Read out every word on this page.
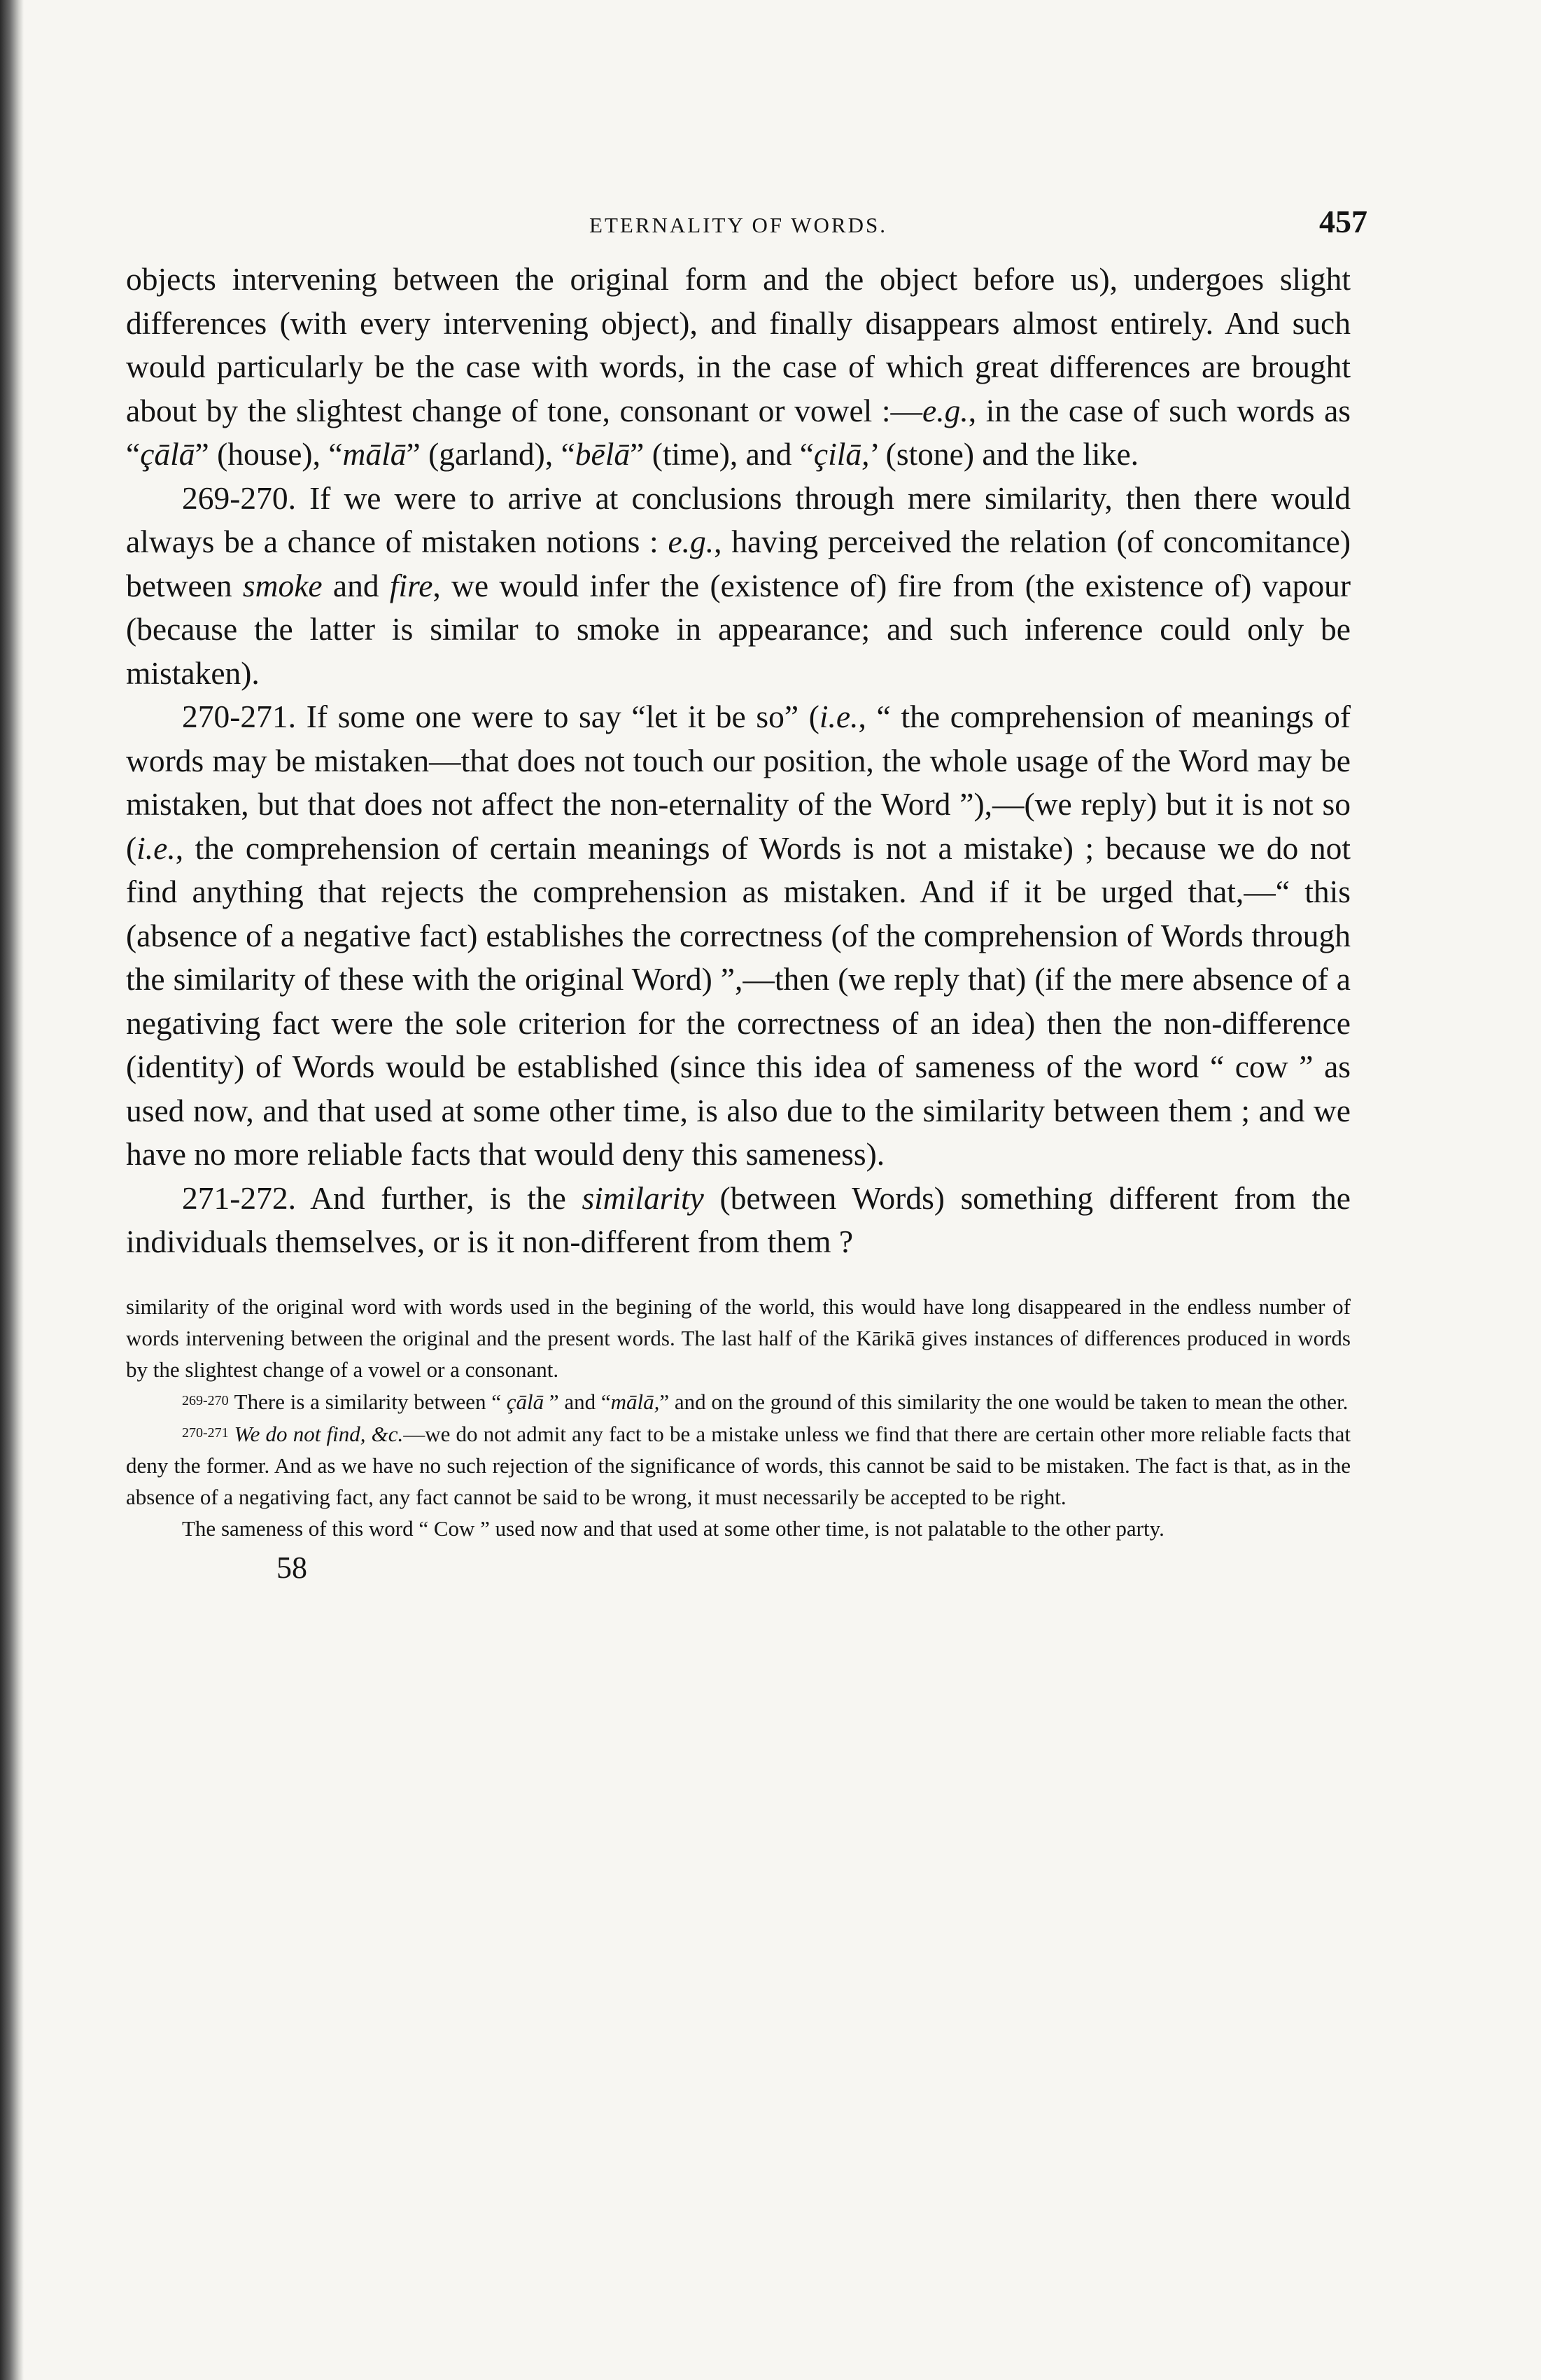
ETERNALITY OF WORDS.	457

objects intervening between the original form and the object before us), undergoes slight differences (with every intervening object), and finally disappears almost entirely. And such would particularly be the case with words, in the case of which great differences are brought about by the slightest change of tone, consonant or vowel :—e.g., in the case of such words as “çālā” (house), “mālā” (garland), “bēlā” (time), and “çilā,’ (stone) and the like.

269-270. If we were to arrive at conclusions through mere similarity, then there would always be a chance of mistaken notions : e.g., having perceived the relation (of concomitance) between smoke and fire, we would infer the (existence of) fire from (the existence of) vapour (because the latter is similar to smoke in appearance; and such inference could only be mistaken).

270-271. If some one were to say “let it be so” (i.e., “ the comprehension of meanings of words may be mistaken—that does not touch our position, the whole usage of the Word may be mistaken, but that does not affect the non-eternality of the Word ”),—(we reply) but it is not so (i.e., the comprehension of certain meanings of Words is not a mistake) ; because we do not find anything that rejects the comprehension as mistaken. And if it be urged that,—“ this (absence of a negative fact) establishes the correctness (of the comprehension of Words through the similarity of these with the original Word) ”,—then (we reply that) (if the mere absence of a negativing fact were the sole criterion for the correctness of an idea) then the non-difference (identity) of Words would be established (since this idea of sameness of the word “ cow ” as used now, and that used at some other time, is also due to the similarity between them ; and we have no more reliable facts that would deny this sameness).

271-272. And further, is the similarity (between Words) something different from the individuals themselves, or is it non-different from them ?

similarity of the original word with words used in the begining of the world, this would have long disappeared in the endless number of words intervening between the original and the present words. The last half of the Kārikā gives instances of differences produced in words by the slightest change of a vowel or a consonant.

269-270 There is a similarity between “ çālā ” and “mālā,” and on the ground of this similarity the one would be taken to mean the other.

270-271 We do not find, &c.—we do not admit any fact to be a mistake unless we find that there are certain other more reliable facts that deny the former. And as we have no such rejection of the significance of words, this cannot be said to be mistaken. The fact is that, as in the absence of a negativing fact, any fact cannot be said to be wrong, it must necessarily be accepted to be right.

The sameness of this word “ Cow ” used now and that used at some other time, is not palatable to the other party.

58
